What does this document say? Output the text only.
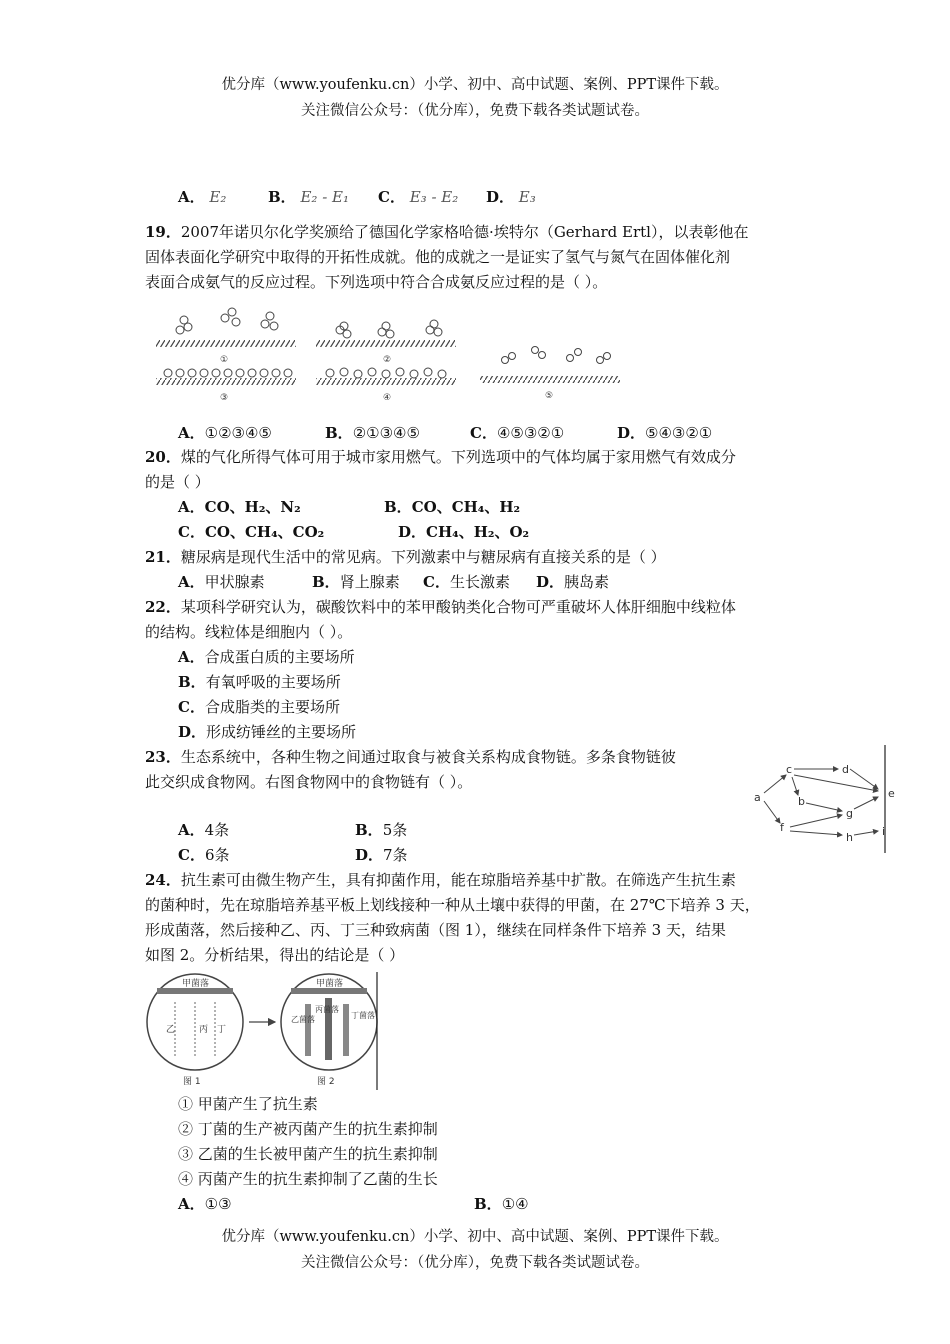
优分库（www.youfenku.cn）小学、初中、高中试题、案例、PPT课件下载。
关注微信公众号：（优分库），免费下载各类试题试卷。
A． E₂	B． E₂ - E₁ C． E₃ - E₂ D． E₃
19．2007年诺贝尔化学奖颁给了德国化学家格哈德·埃特尔（Gerhard Ertl），以表彰他在
固体表面化学研究中取得的开拓性成就。他的成就之一是证实了氢气与氮气在固体催化剂
表面合成氨气的反应过程。下列选项中符合合成氨反应过程的是（ ）。
①	②
⑤
③	④
A．①②③④⑤	B．②①③④⑤	C．④⑤③②①	D．⑤④③②①
20．煤的气化所得气体可用于城市家用燃气。下列选项中的气体均属于家用燃气有效成分
的是（ ）
A．CO、H₂、N₂	B．CO、CH₄、H₂
C．CO、CH₄、CO₂	D．CH₄、H₂、O₂
21．糖尿病是现代生活中的常见病。下列激素中与糖尿病有直接关系的是（ ）
A．甲状腺素	B．肾上腺素 C．生长激素 D．胰岛素
22．某项科学研究认为，碳酸饮料中的苯甲酸钠类化合物可严重破坏人体肝细胞中线粒体
的结构。线粒体是细胞内（ ）。
A．合成蛋白质的主要场所
B．有氧呼吸的主要场所
C．合成脂类的主要场所
D．形成纺锤丝的主要场所
23．生态系统中，各种生物之间通过取食与被食关系构成食物链。多条食物链彼
此交织成食物网。右图食物网中的食物链有（ ）。
a	b
c	d
e
f
g
h	i
A．4条	B．5条
C．6条	D．7条
24．抗生素可由微生物产生，具有抑菌作用，能在琼脂培养基中扩散。在筛选产生抗生素
的菌种时，先在琼脂培养基平板上划线接种一种从土壤中获得的甲菌，在 27℃下培养 3 天，
形成菌落，然后接种乙、丙、丁三种致病菌（图 1），继续在同样条件下培养 3 天，结果
如图 2。分析结果，得出的结论是（ ）
甲菌落
乙	丙 丁
图 1
甲菌落
乙菌落
丙菌落
丁菌落
图 2
① 甲菌产生了抗生素
② 丁菌的生产被丙菌产生的抗生素抑制
③ 乙菌的生长被甲菌产生的抗生素抑制
④ 丙菌产生的抗生素抑制了乙菌的生长
A．①③	B．①④
优分库（www.youfenku.cn）小学、初中、高中试题、案例、PPT课件下载。
关注微信公众号：（优分库），免费下载各类试题试卷。
